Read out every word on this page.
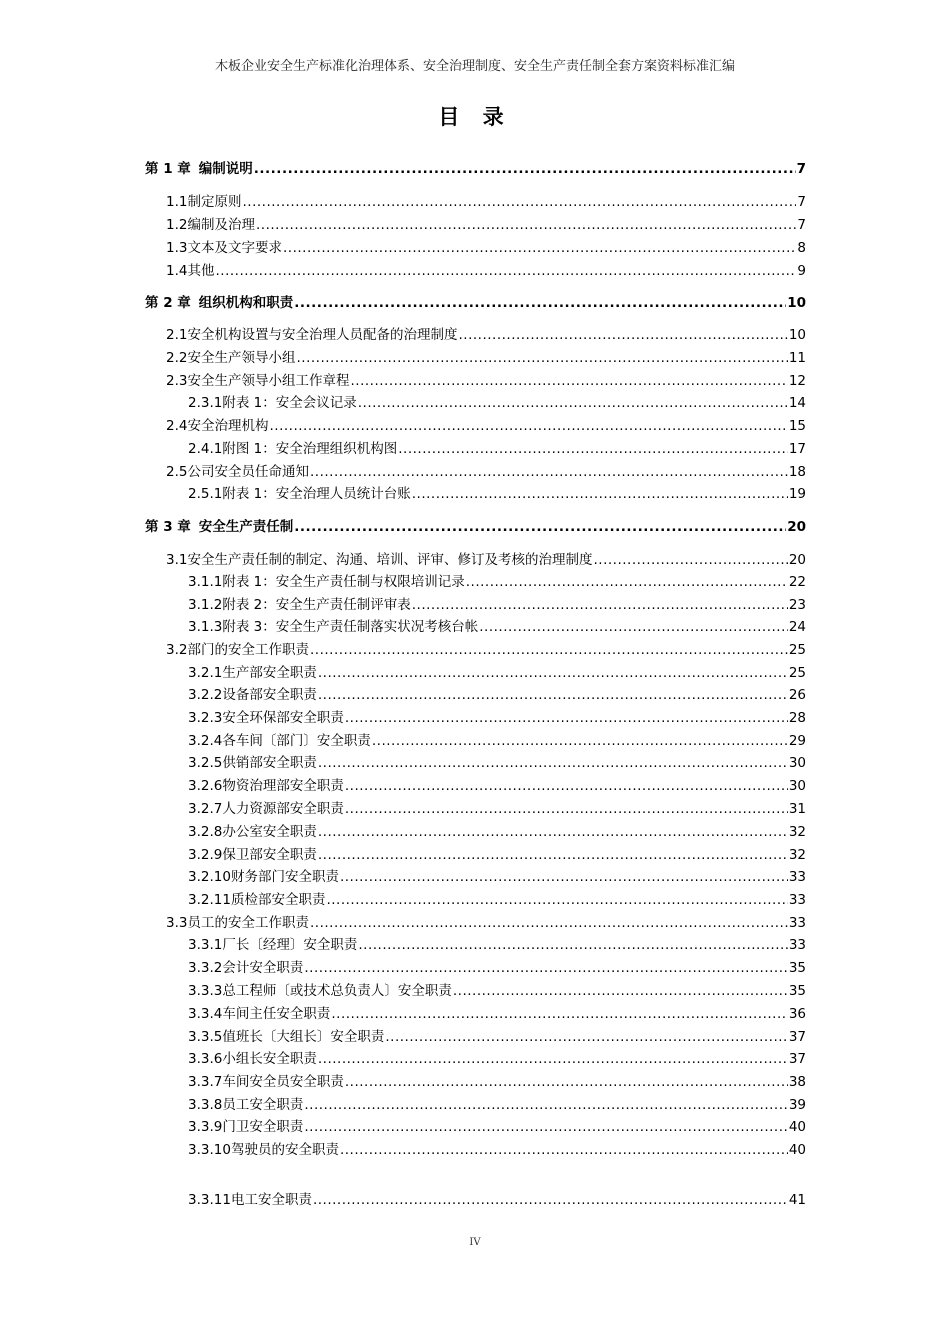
木板企业安全生产标准化治理体系、安全治理制度、安全生产责任制全套方案资料标准汇编
目 录
第 1 章 编制说明 .....	7
1.1 制定原则 .....	7
1.2 编制及治理 .....	7
1.3 文本及文字要求 .....	8
1.4 其他 .....	9
第 2 章 组织机构和职责 .....	10
2.1 安全机构设置与安全治理人员配备的治理制度 .....	10
2.2 安全生产领导小组 .....	11
2.3 安全生产领导小组工作章程 .....	12
2.3.1 附表 1：安全会议记录 .....	14
2.4 安全治理机构 .....	15
2.4.1 附图 1：安全治理组织机构图 .....	17
2.5 公司安全员任命通知 .....	18
2.5.1 附表 1：安全治理人员统计台账 .....	19
第 3 章 安全生产责任制 .....	20
3.1 安全生产责任制的制定、沟通、培训、评审、修订及考核的治理制度 .....	20
3.1.1 附表 1：安全生产责任制与权限培训记录 .....	22
3.1.2 附表 2：安全生产责任制评审表 .....	23
3.1.3 附表 3：安全生产责任制落实状况考核台帐 .....	24
3.2 部门的安全工作职责 .....	25
3.2.1 生产部安全职责 .....	25
3.2.2 设备部安全职责 .....	26
3.2.3 安全环保部安全职责 .....	28
3.2.4 各车间〔部门〕安全职责 .....	29
3.2.5 供销部安全职责 .....	30
3.2.6 物资治理部安全职责 .....	30
3.2.7 人力资源部安全职责 .....	31
3.2.8 办公室安全职责 .....	32
3.2.9 保卫部安全职责 .....	32
3.2.10 财务部门安全职责 .....	33
3.2.11 质检部安全职责 .....	33
3.3 员工的安全工作职责 .....	33
3.3.1 厂长〔经理〕安全职责 .....	33
3.3.2 会计安全职责 .....	35
3.3.3 总工程师〔或技术总负责人〕安全职责 .....	35
3.3.4 车间主任安全职责 .....	36
3.3.5 值班长〔大组长〕安全职责 .....	37
3.3.6 小组长安全职责 .....	37
3.3.7 车间安全员安全职责 .....	38
3.3.8 员工安全职责 .....	39
3.3.9 门卫安全职责 .....	40
3.3.10 驾驶员的安全职责 .....	40
3.3.11 电工安全职责 .....	41
IV
